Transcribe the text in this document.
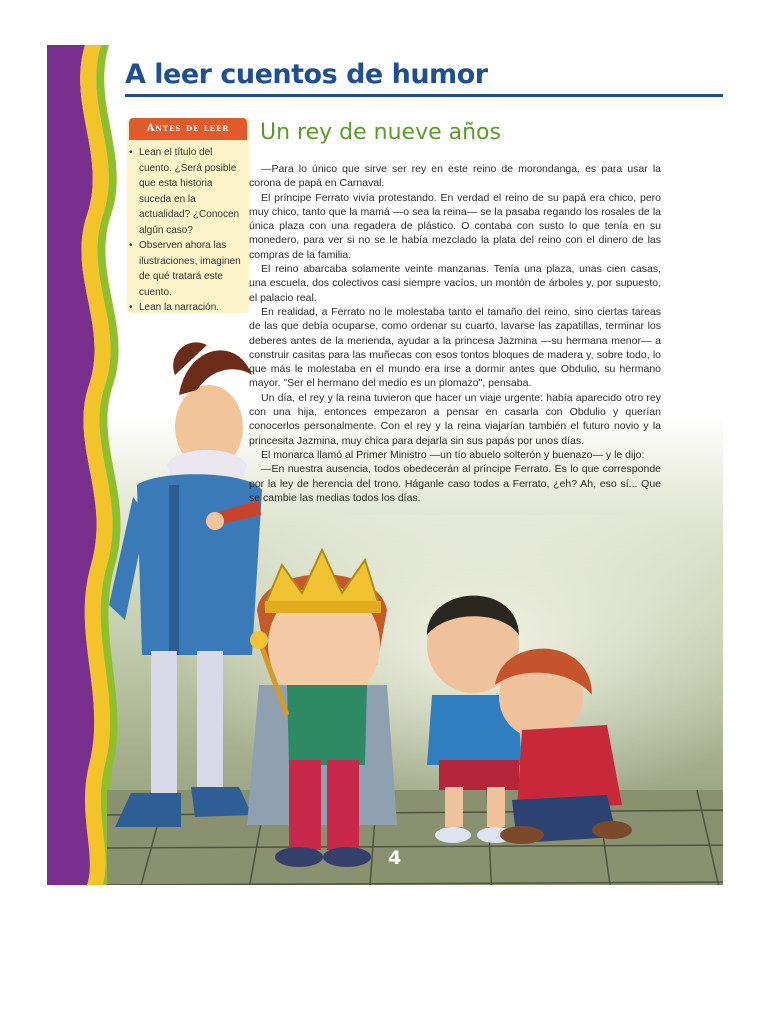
A leer cuentos de humor
Antes de leer
• Lean el título del cuento. ¿Será posible que esta historia suceda en la actualidad? ¿Conocen algún caso?
• Observen ahora las ilustraciones, imaginen de qué tratará este cuento.
• Lean la narración.
Un rey de nueve años

—Para lo único que sirve ser rey en este reino de morondanga, es para usar la corona de papá en Carnaval.

El príncipe Ferrato vivía protestando. En verdad el reino de su papá era chico, pero muy chico, tanto que la mamá —o sea la reina— se la pasaba regando los rosales de la única plaza con una regadera de plástico. O contaba con susto lo que tenía en su monedero, para ver si no se le había mezclado la plata del reino con el dinero de las compras de la familia.

El reino abarcaba solamente veinte manzanas. Tenía una plaza, unas cien casas, una escuela, dos colectivos casi siempre vacíos, un montón de árboles y, por supuesto, el palacio real.

En realidad, a Ferrato no le molestaba tanto el tamaño del reino, sino ciertas tareas de las que debía ocuparse, como ordenar su cuarto, lavarse las zapatillas, terminar los deberes antes de la merienda, ayudar a la princesa Jazmina —su hermana menor— a construir casitas para las muñecas con esos tontos bloques de madera y, sobre todo, lo que más le molestaba en el mundo era irse a dormir antes que Obdulio, su hermano mayor. "Ser el hermano del medio es un plomazo", pensaba.

Un día, el rey y la reina tuvieron que hacer un viaje urgente: había aparecido otro rey con una hija, entonces empezaron a pensar en casarla con Obdulio y querían conocerlos personalmente. Con el rey y la reina viajarían también el futuro novio y la princesita Jazmina, muy chica para dejarla sin sus papás por unos días.

El monarca llamó al Primer Ministro —un tío abuelo solterón y buenazo— y le dijo:

—En nuestra ausencia, todos obedecerán al príncipe Ferrato. Es lo que corresponde por la ley de herencia del trono. Háganle caso todos a Ferrato, ¿eh? Ah, eso sí... Que se cambie las medias todos los días.

4
